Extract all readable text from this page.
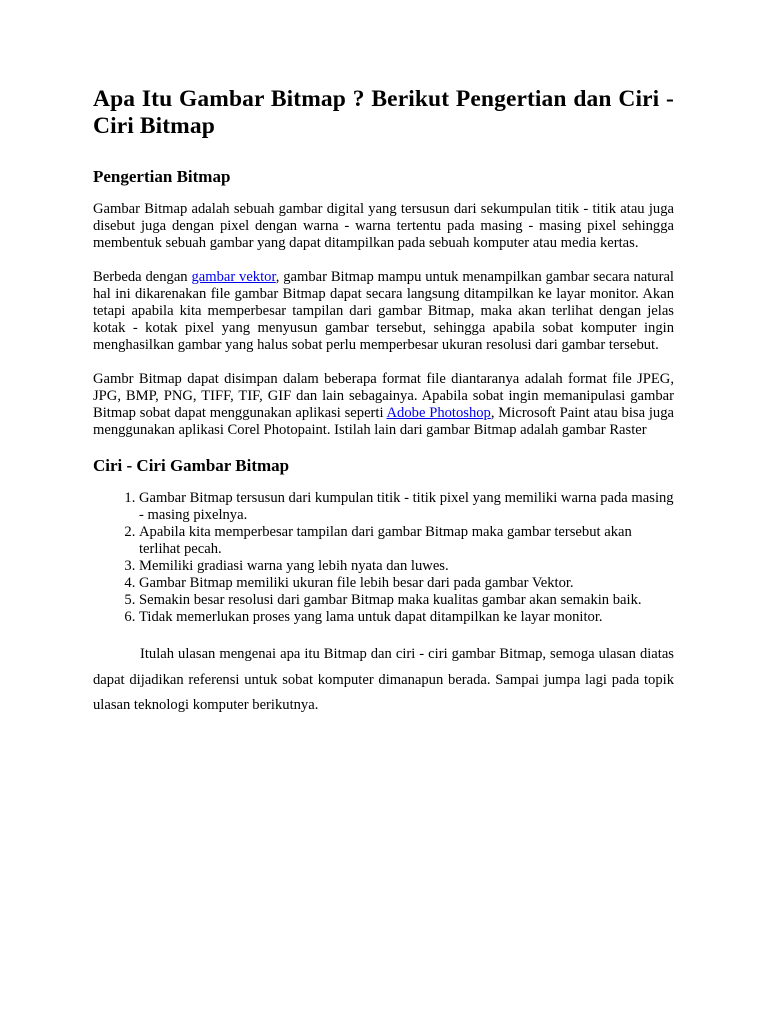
Apa Itu Gambar Bitmap ? Berikut Pengertian dan Ciri - Ciri Bitmap
Pengertian Bitmap

Gambar Bitmap adalah sebuah gambar digital yang tersusun dari sekumpulan titik - titik atau juga disebut juga dengan pixel dengan warna - warna tertentu pada masing - masing pixel sehingga membentuk sebuah gambar yang dapat ditampilkan pada sebuah komputer atau media kertas.

Berbeda dengan gambar vektor, gambar Bitmap mampu untuk menampilkan gambar secara natural hal ini dikarenakan file gambar Bitmap dapat secara langsung ditampilkan ke layar monitor. Akan tetapi apabila kita memperbesar tampilan dari gambar Bitmap, maka akan terlihat dengan jelas kotak - kotak pixel yang menyusun gambar tersebut, sehingga apabila sobat komputer ingin menghasilkan gambar yang halus sobat perlu memperbesar ukuran resolusi dari gambar tersebut.

Gambr Bitmap dapat disimpan dalam beberapa format file diantaranya adalah format file JPEG, JPG, BMP, PNG, TIFF, TIF, GIF dan lain sebagainya. Apabila sobat ingin memanipulasi gambar Bitmap sobat dapat menggunakan aplikasi seperti Adobe Photoshop, Microsoft Paint atau bisa juga menggunakan aplikasi Corel Photopaint. Istilah lain dari gambar Bitmap adalah gambar Raster

Ciri - Ciri Gambar Bitmap
1. Gambar Bitmap tersusun dari kumpulan titik - titik pixel yang memiliki warna pada masing - masing pixelnya.
2. Apabila kita memperbesar tampilan dari gambar Bitmap maka gambar tersebut akan terlihat pecah.
3. Memiliki gradiasi warna yang lebih nyata dan luwes.
4. Gambar Bitmap memiliki ukuran file lebih besar dari pada gambar Vektor.
5. Semakin besar resolusi dari gambar Bitmap maka kualitas gambar akan semakin baik.
6. Tidak memerlukan proses yang lama untuk dapat ditampilkan ke layar monitor.

Itulah ulasan mengenai apa itu Bitmap dan ciri - ciri gambar Bitmap, semoga ulasan diatas dapat dijadikan referensi untuk sobat komputer dimanapun berada. Sampai jumpa lagi pada topik ulasan teknologi komputer berikutnya.
